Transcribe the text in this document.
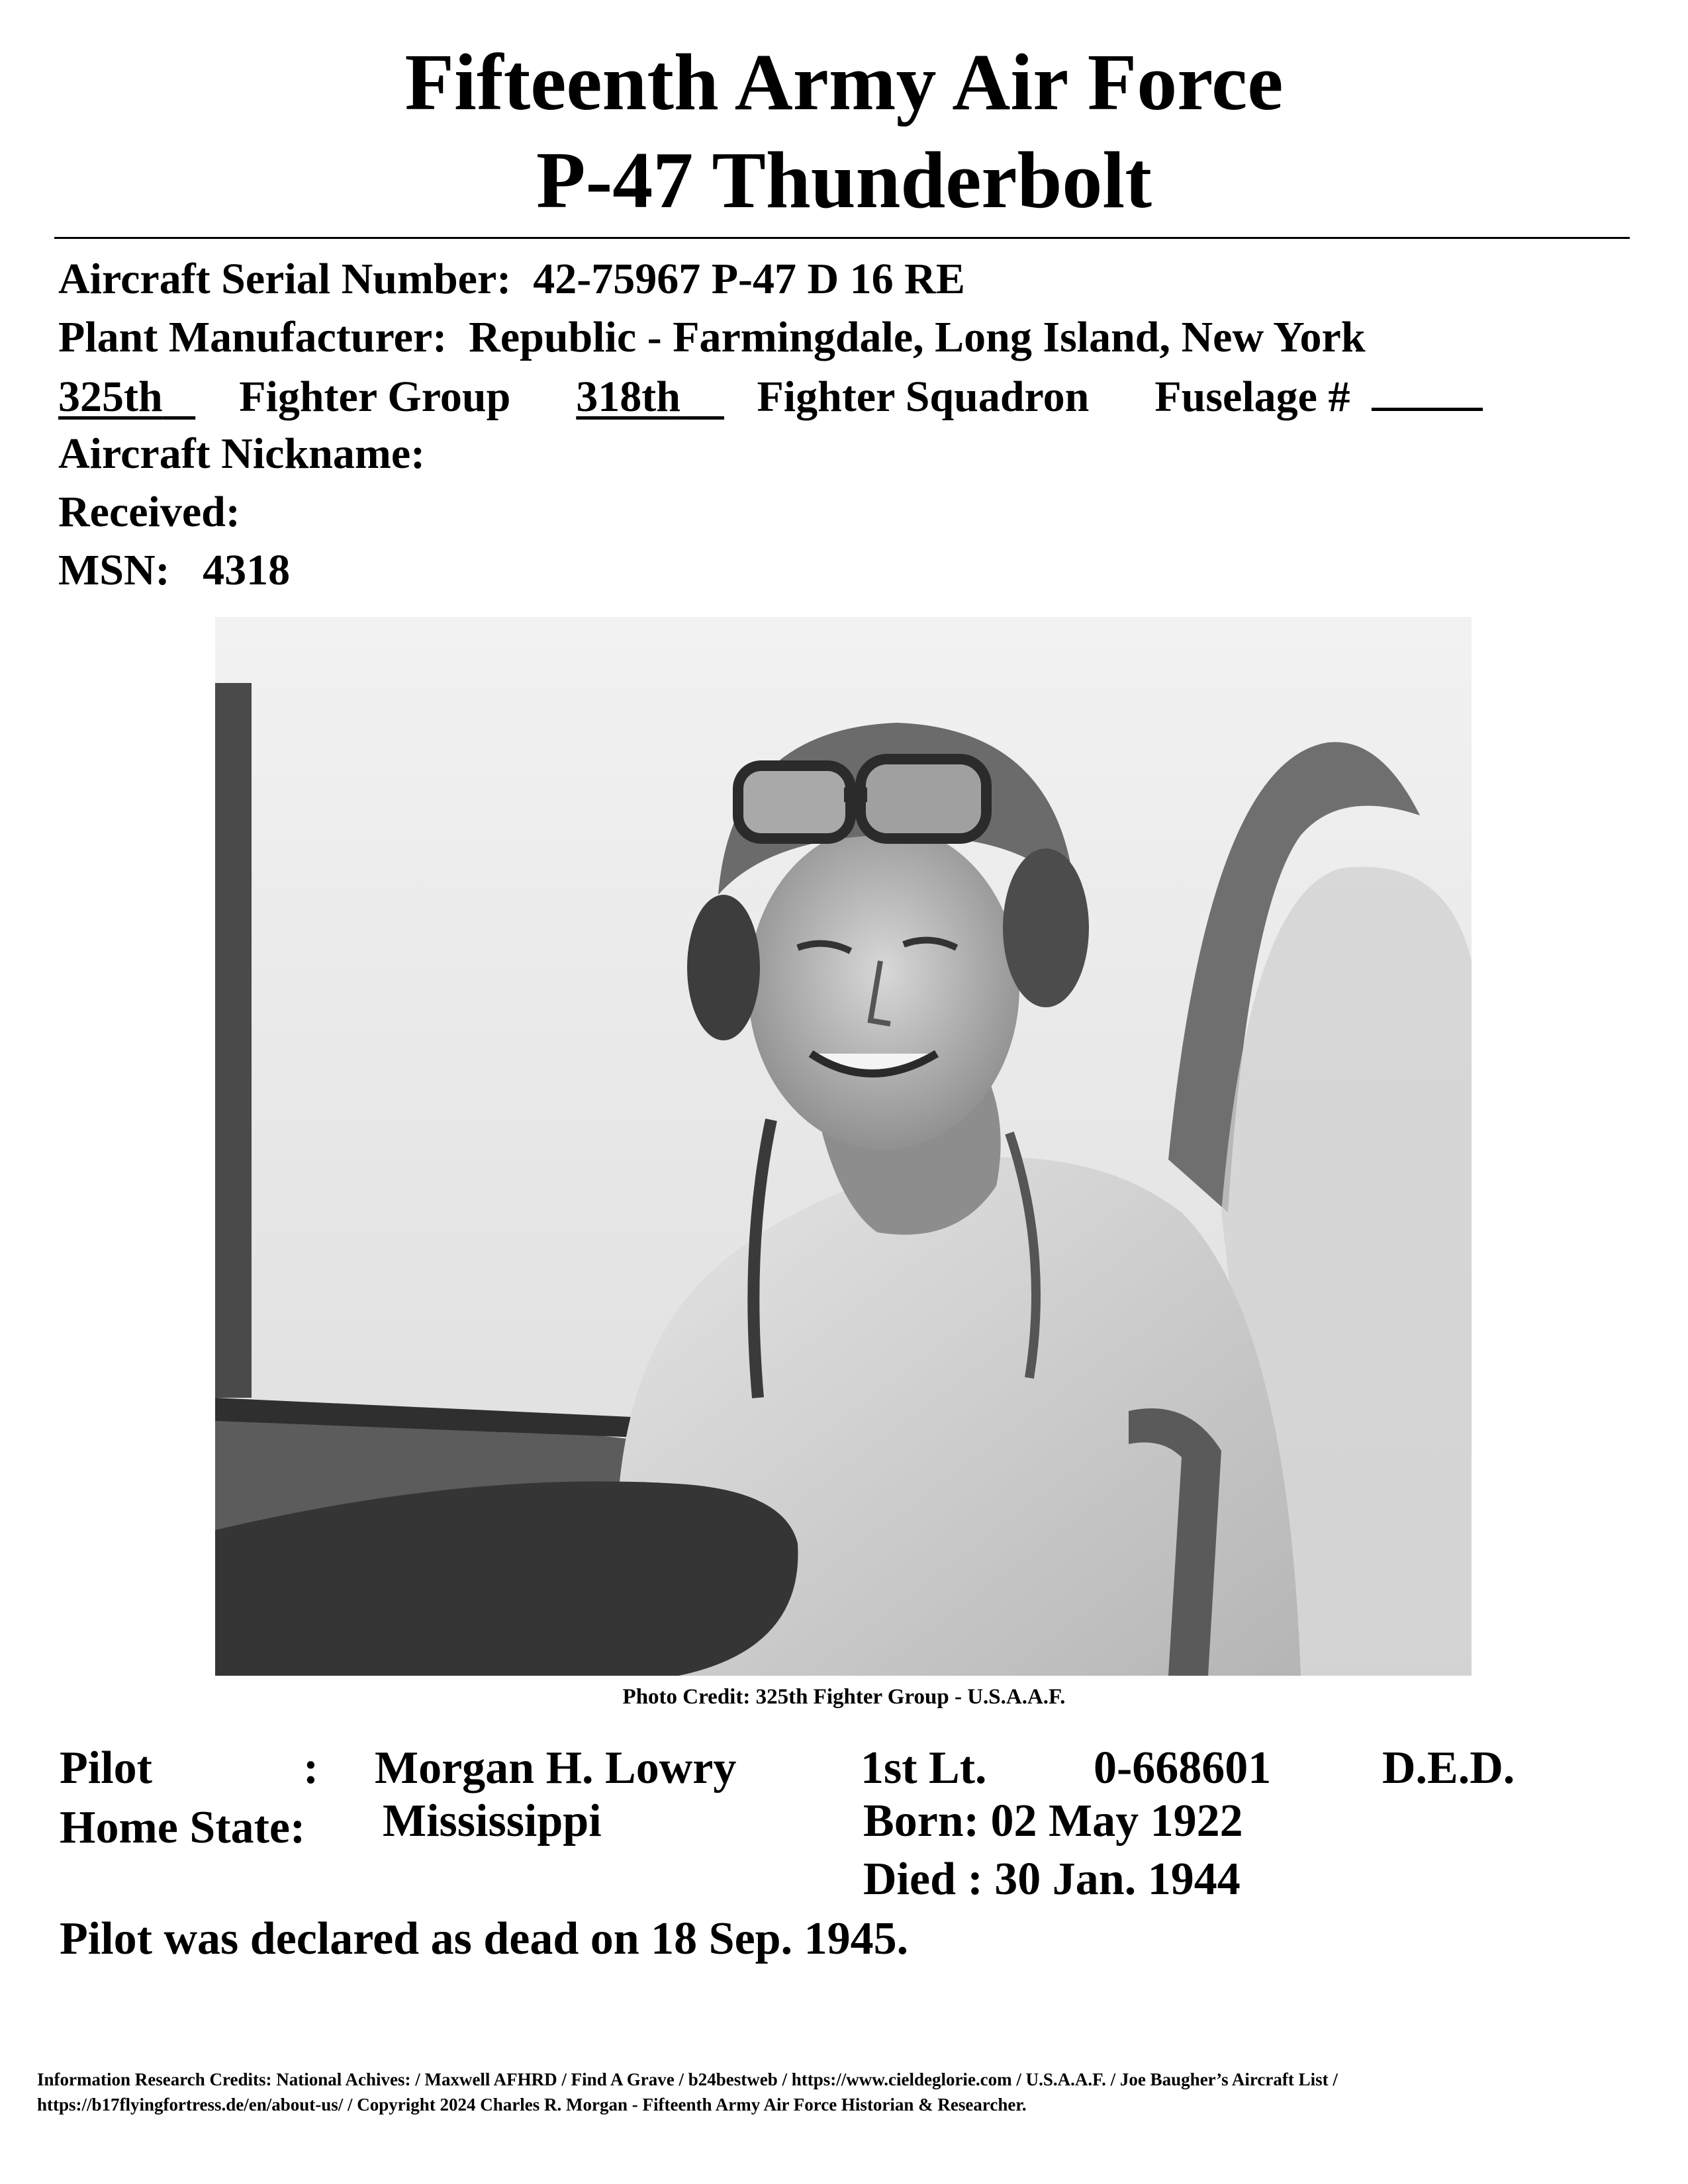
Fifteenth Army Air Force
P-47 Thunderbolt
Aircraft Serial Number: 42-75967 P-47 D 16 RE
Plant Manufacturer: Republic - Farmingdale, Long Island, New York
325th Fighter Group 318th Fighter Squadron Fuselage #
Aircraft Nickname:
Received:
MSN: 4318
Photo Credit: 325th Fighter Group - U.S.A.A.F.
Pilot	: Morgan H. Lowry	1st Lt. 0-668601 D.E.D.
Home State: Mississippi	Born: 02 May 1922
Died : 30 Jan. 1944
Pilot was declared as dead on 18 Sep. 1945.
Information Research Credits: National Achives: / Maxwell AFHRD / Find A Grave / b24bestweb / https://www.cieldeglorie.com / U.S.A.A.F. / Joe Baugher’s Aircraft List /
https://b17flyingfortress.de/en/about-us/ / Copyright 2024 Charles R. Morgan - Fifteenth Army Air Force Historian & Researcher.
